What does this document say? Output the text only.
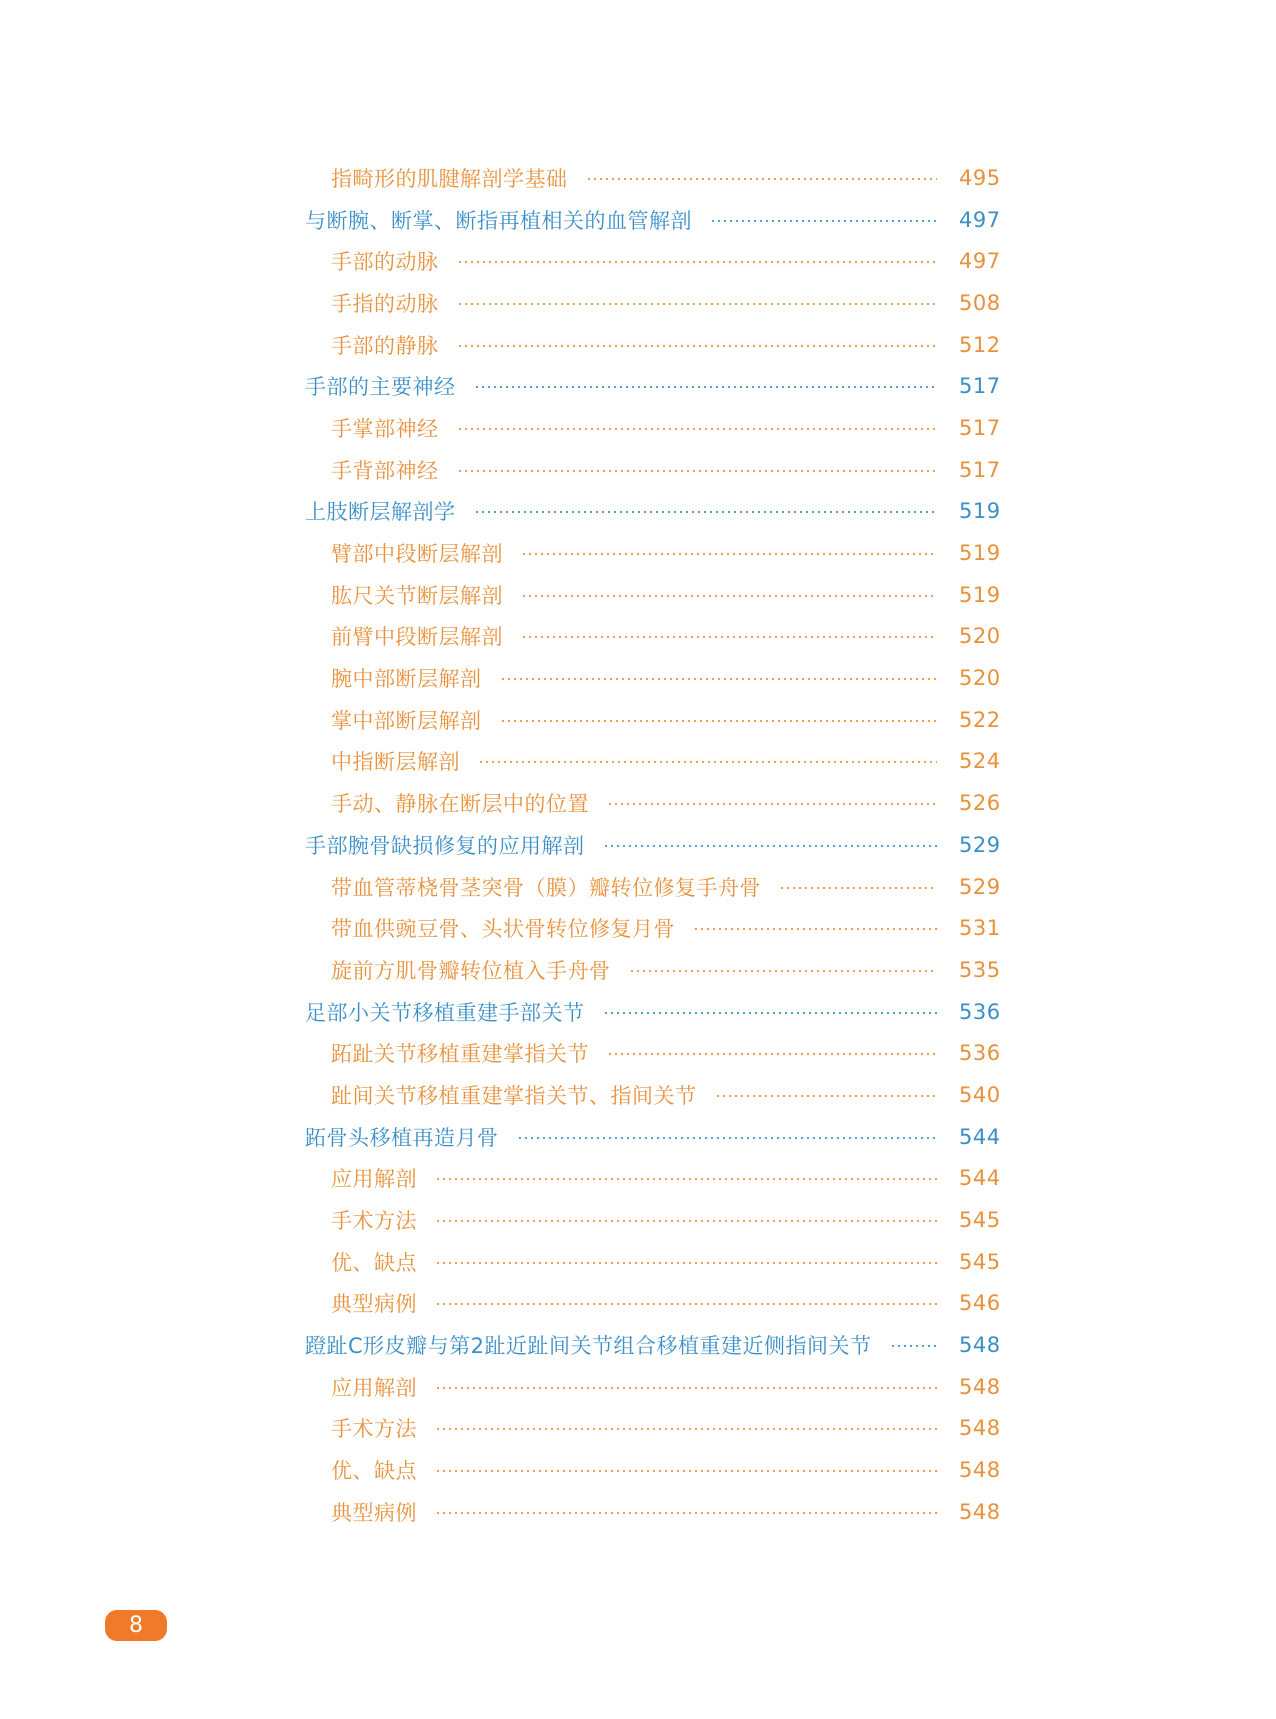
指畸形的肌腱解剖学基础	495
与断腕、断掌、断指再植相关的血管解剖	497
手部的动脉	497
手指的动脉	508
手部的静脉	512
手部的主要神经	517
手掌部神经	517
手背部神经	517
上肢断层解剖学	519
臂部中段断层解剖	519
肱尺关节断层解剖	519
前臂中段断层解剖	520
腕中部断层解剖	520
掌中部断层解剖	522
中指断层解剖	524
手动、静脉在断层中的位置	526
手部腕骨缺损修复的应用解剖	529
带血管蒂桡骨茎突骨（膜）瓣转位修复手舟骨	529
带血供豌豆骨、头状骨转位修复月骨	531
旋前方肌骨瓣转位植入手舟骨	535
足部小关节移植重建手部关节	536
跖趾关节移植重建掌指关节	536
趾间关节移植重建掌指关节、指间关节	540
跖骨头移植再造月骨	544
应用解剖	544
手术方法	545
优、缺点	545
典型病例	546
蹬趾C形皮瓣与第2趾近趾间关节组合移植重建近侧指间关节	548
应用解剖	548
手术方法	548
优、缺点	548
典型病例	548
8
